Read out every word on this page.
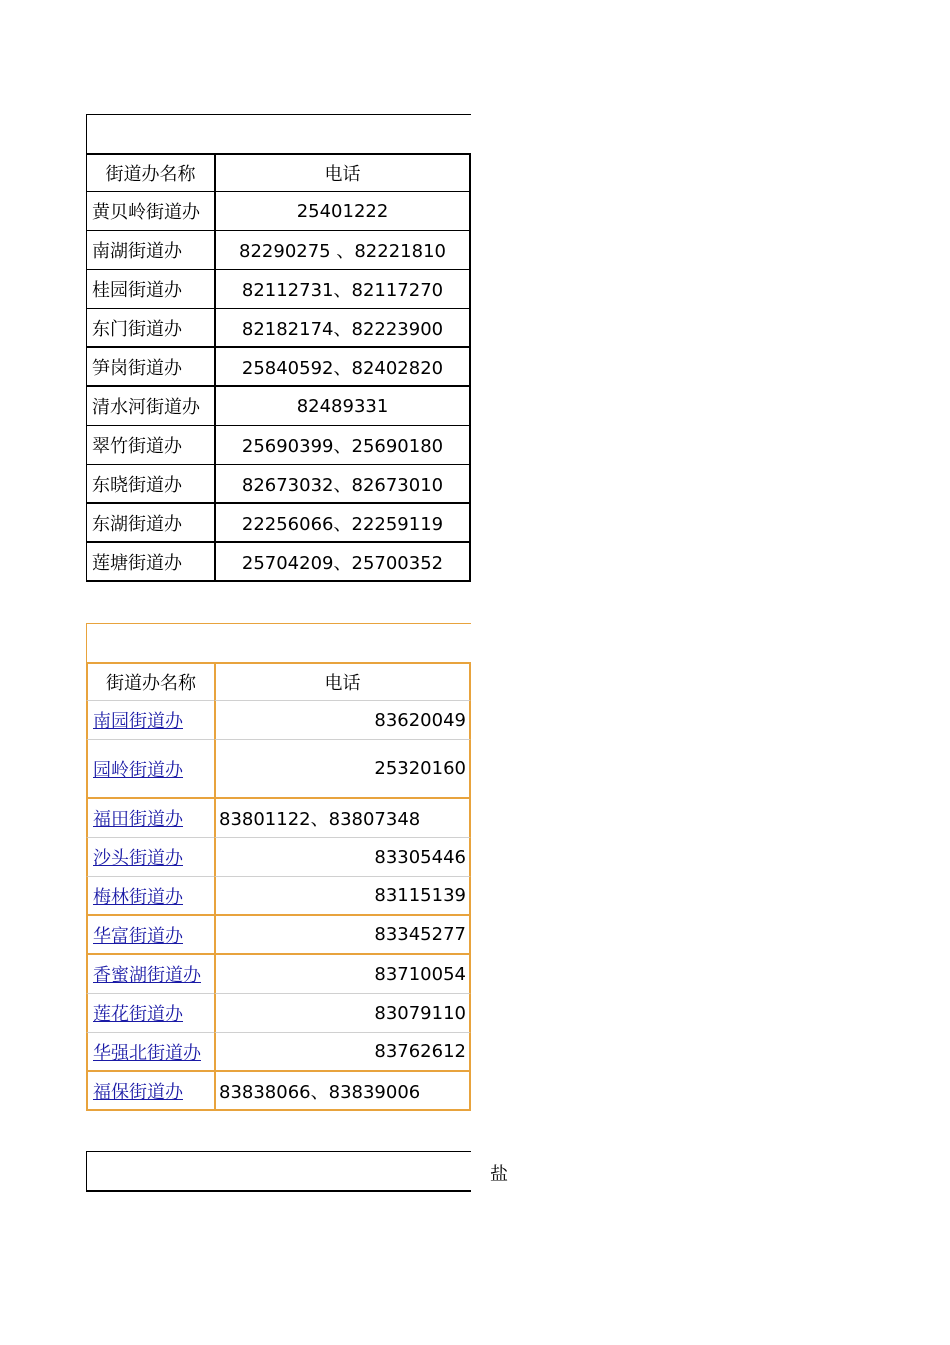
街道办名称	电话
黄贝岭街道办	25401222
南湖街道办	82290275 、82221810
桂园街道办	82112731、82117270
东门街道办	82182174、82223900
笋岗街道办	25840592、82402820
清水河街道办	82489331
翠竹街道办	25690399、25690180
东晓街道办	82673032、82673010
东湖街道办	22256066、22259119
莲塘街道办	25704209、25700352
街道办名称	电话
南园街道办	83620049
园岭街道办	25320160
福田街道办 83801122、83807348
沙头街道办	83305446
梅林街道办	83115139
华富街道办	83345277
香蜜湖街道办	83710054
莲花街道办	83079110
华强北街道办	83762612
福保街道办 83838066、83839006
盐
